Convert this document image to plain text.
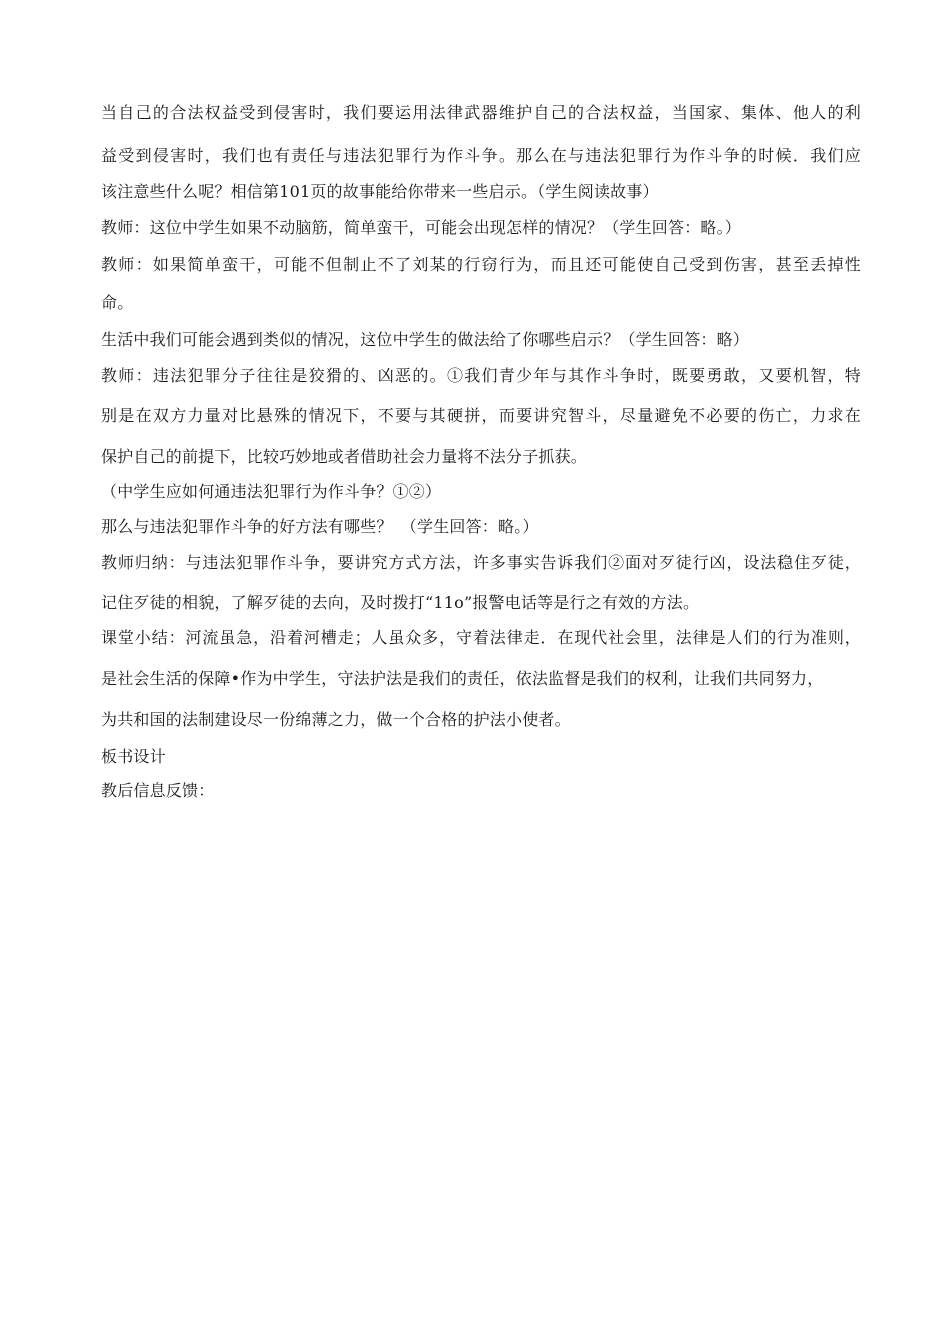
当自己的合法权益受到侵害时，我们要运用法律武器维护自己的合法权益，当国家、集体、他人的利
益受到侵害时，我们也有责任与违法犯罪行为作斗争。那么在与违法犯罪行为作斗争的时候．我们应
该注意些什么呢？相信第101页的故事能给你带来一些启示。（学生阅读故事）
教师：这位中学生如果不动脑筋，简单蛮干，可能会出现怎样的情况？（学生回答：略。）
教师：如果简单蛮干，可能不但制止不了刘某的行窃行为，而且还可能使自己受到伤害，甚至丢掉性
命。
生活中我们可能会遇到类似的情况，这位中学生的做法给了你哪些启示？（学生回答：略）
教师：违法犯罪分子往往是狡猾的、凶恶的。①我们青少年与其作斗争时，既要勇敢，又要机智，特
别是在双方力量对比悬殊的情况下，不要与其硬拼，而要讲究智斗，尽量避免不必要的伤亡，力求在
保护自己的前提下，比较巧妙地或者借助社会力量将不法分子抓获。
（中学生应如何通违法犯罪行为作斗争？①②）
那么与违法犯罪作斗争的好方法有哪些？　（学生回答：略。）
教师归纳：与违法犯罪作斗争，要讲究方式方法，许多事实告诉我们②面对歹徒行凶，设法稳住歹徒，
记住歹徒的相貌，了解歹徒的去向，及时拨打“11o”报警电话等是行之有效的方法。
课堂小结：河流虽急，沿着河槽走；人虽众多，守着法律走．在现代社会里，法律是人们的行为准则，
是社会生活的保障•作为中学生，守法护法是我们的责任，依法监督是我们的权利，让我们共同努力，
为共和国的法制建设尽一份绵薄之力，做一个合格的护法小使者。
板书设计
教后信息反馈：
